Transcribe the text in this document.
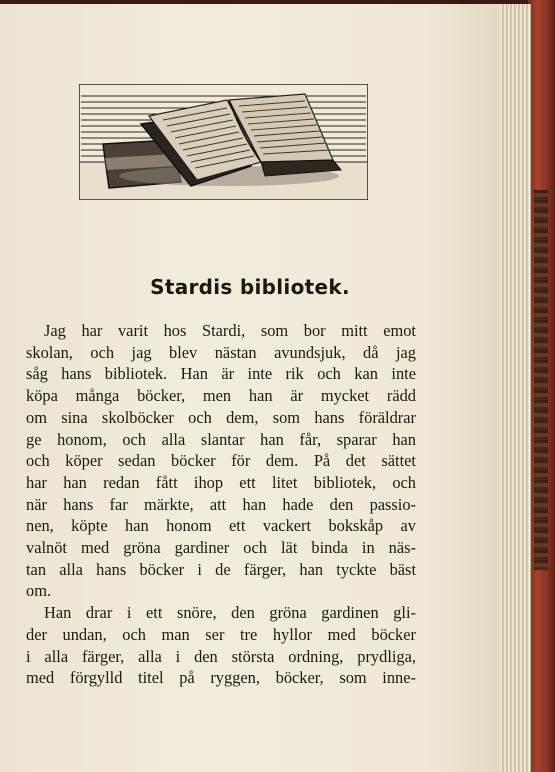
Stardis bibliotek.
Jag har varit hos Stardi, som bor mitt emot
skolan, och jag blev nästan avundsjuk, då jag
såg hans bibliotek. Han är inte rik och kan inte
köpa många böcker, men han är mycket rädd
om sina skolböcker och dem, som hans föräldrar
ge honom, och alla slantar han får, sparar han
och köper sedan böcker för dem. På det sättet
har han redan fått ihop ett litet bibliotek, och
när hans far märkte, att han hade den passio-
nen, köpte han honom ett vackert bokskåp av
valnöt med gröna gardiner och lät binda in näs-
tan alla hans böcker i de färger, han tyckte bäst
om.
Han drar i ett snöre, den gröna gardinen gli-
der undan, och man ser tre hyllor med böcker
i alla färger, alla i den största ordning, prydliga,
med förgylld titel på ryggen, böcker, som inne-
